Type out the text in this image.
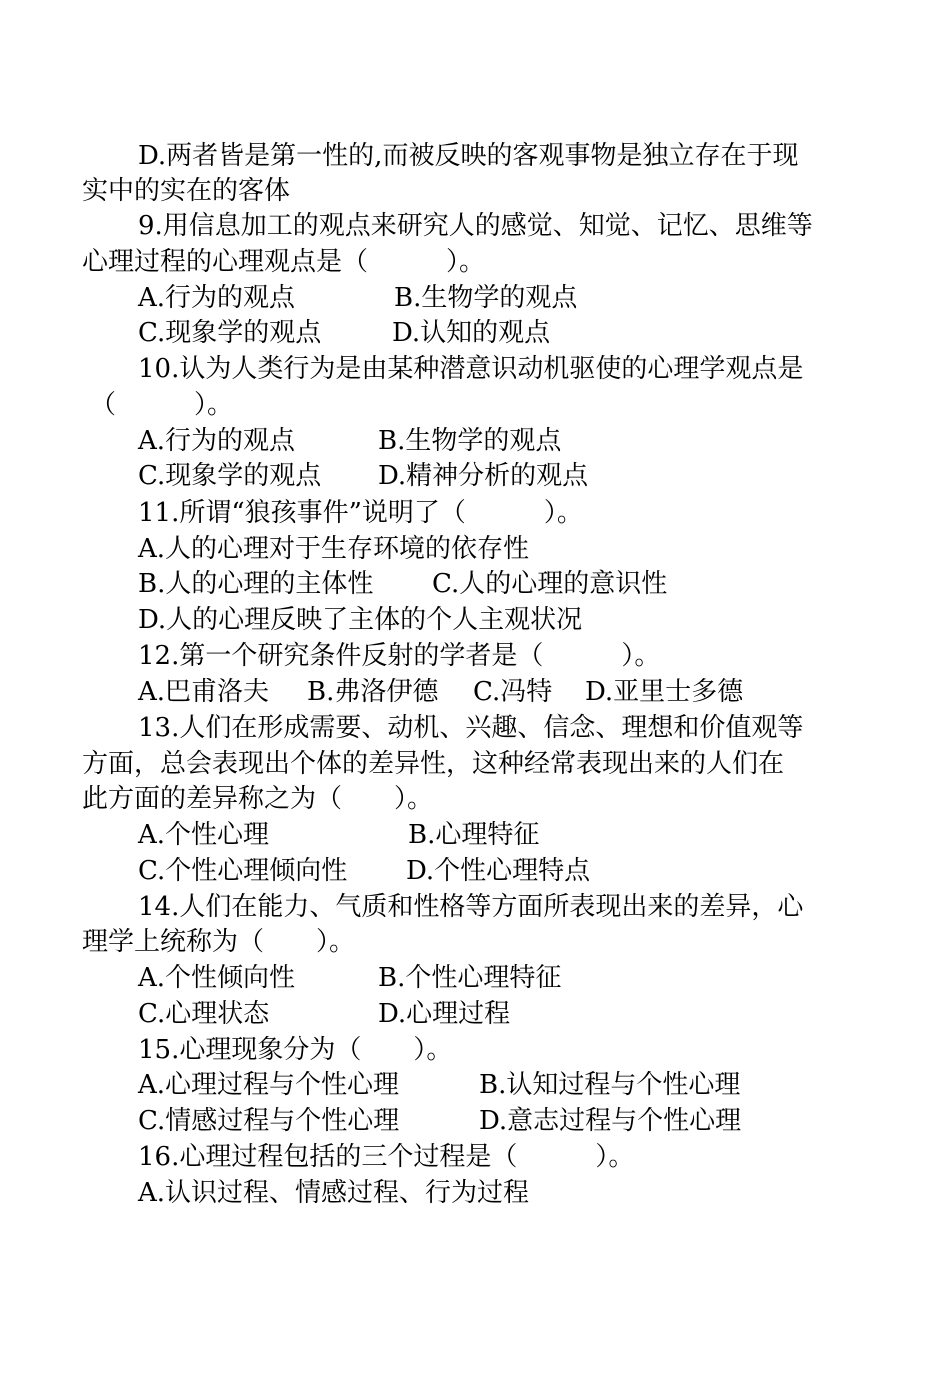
D.两者皆是第一性的,而被反映的客观事物是独立存在于现
实中的实在的客体
9.用信息加工的观点来研究人的感觉、知觉、记忆、思维等
心理过程的心理观点是（　　　）。
A.行为的观点	B.生物学的观点
C.现象学的观点	D.认知的观点
10.认为人类行为是由某种潜意识动机驱使的心理学观点是
（　　　）。
A.行为的观点	B.生物学的观点
C.现象学的观点 D.精神分析的观点
11.所谓“狼孩事件”说明了（　　　）。
A.人的心理对于生存环境的依存性
B.人的心理的主体性 C.人的心理的意识性
D.人的心理反映了主体的个人主观状况
12.第一个研究条件反射的学者是（　　　）。
A.巴甫洛夫 B.弗洛伊德 C.冯特 D.亚里士多德
13.人们在形成需要、动机、兴趣、信念、理想和价值观等
方面，总会表现出个体的差异性，这种经常表现出来的人们在
此方面的差异称之为（　　）。
A.个性心理	B.心理特征
C.个性心理倾向性 D.个性心理特点
14.人们在能力、气质和性格等方面所表现出来的差异，心
理学上统称为（　　）。
A.个性倾向性	B.个性心理特征
C.心理状态	D.心理过程
15.心理现象分为（　　）。
A.心理过程与个性心理	B.认知过程与个性心理
C.情感过程与个性心理	D.意志过程与个性心理
16.心理过程包括的三个过程是（　　　）。
A.认识过程、情感过程、行为过程
